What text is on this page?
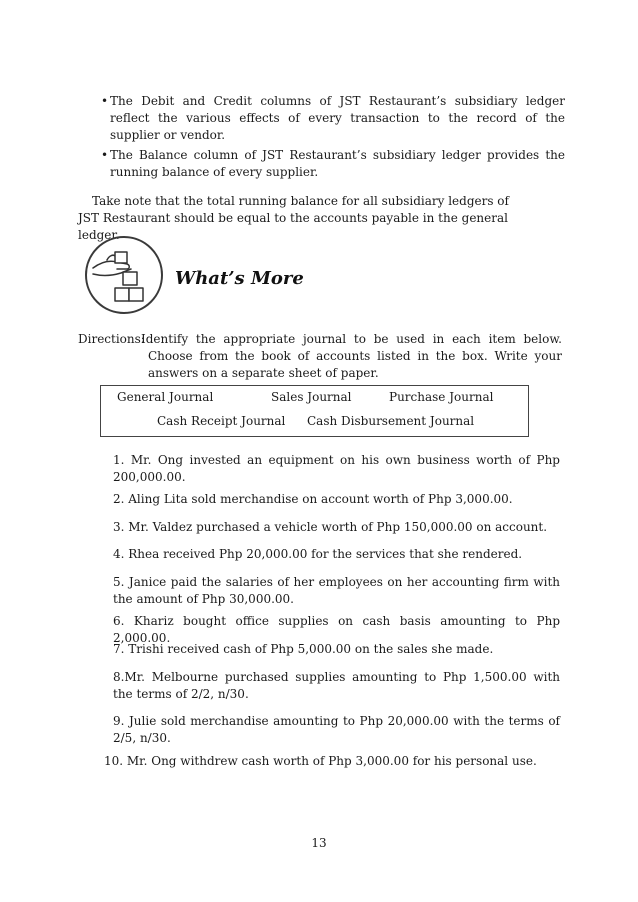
• The Debit and Credit columns of JST Restaurant’s subsidiary ledger reflect the various effects of every transaction to the record of the supplier or vendor.
• The Balance column of JST Restaurant’s subsidiary ledger provides the running balance of every supplier.
Take note that the total running balance for all subsidiary ledgers of JST Restaurant should be equal to the accounts payable in the general ledger.
What’s More
Directions:
Identify the appropriate journal to be used in each item below. Choose from the book of accounts listed in the box. Write your answers on a separate sheet of paper.
General Journal	Sales Journal	Purchase Journal
Cash Receipt Journal Cash Disbursement Journal
1. Mr. Ong invested an equipment on his own business worth of Php 200,000.00.
2. Aling Lita sold merchandise on account worth of Php 3,000.00.
3. Mr. Valdez purchased a vehicle worth of Php 150,000.00 on account.
4. Rhea received Php 20,000.00 for the services that she rendered.
5. Janice paid the salaries of her employees on her accounting firm with the amount of Php 30,000.00.
6. Khariz bought office supplies on cash basis amounting to Php 2,000.00.
7. Trishi received cash of Php 5,000.00 on the sales she made.
8.Mr. Melbourne purchased supplies amounting to Php 1,500.00 with the terms of 2/2, n/30.
9. Julie sold merchandise amounting to Php 20,000.00 with the terms of 2/5, n/30.
10. Mr. Ong withdrew cash worth of Php 3,000.00 for his personal use.
13
